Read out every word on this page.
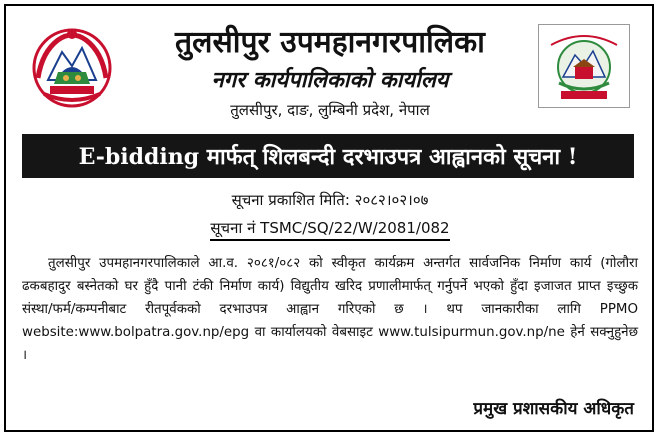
तुलसीपुर उपमहानगरपालिका
नगर कार्यपालिकाको कार्यालय
तुलसीपुर, दाङ, लुम्बिनी प्रदेश, नेपाल
E-bidding मार्फत् शिलबन्दी दरभाउपत्र आह्वानको सूचना !
सूचना प्रकाशित मिति: २०८२।०२।०७
सूचना नं TSMC/SQ/22/W/2081/082

तुलसीपुर उपमहानगरपालिकाले आ.व. २०८१/०८२ को स्वीकृत कार्यक्रम अन्तर्गत सार्वजनिक निर्माण कार्य (गोलौरा ढकबहादुर बस्नेतको घर हुँदै पानी टंकी निर्माण कार्य) विद्युतीय खरिद प्रणालीमार्फत् गर्नुपर्ने भएको हुँदा इजाजत प्राप्त इच्छुक संस्था/फर्म/कम्पनीबाट रीतपूर्वकको दरभाउपत्र आह्वान गरिएको छ । थप जानकारीका लागि PPMO website:www.bolpatra.gov.np/epg वा कार्यालयको वेबसाइट www.tulsipurmun.gov.np/ne हेर्न सक्नुहुनेछ ।

प्रमुख प्रशासकीय अधिकृत
